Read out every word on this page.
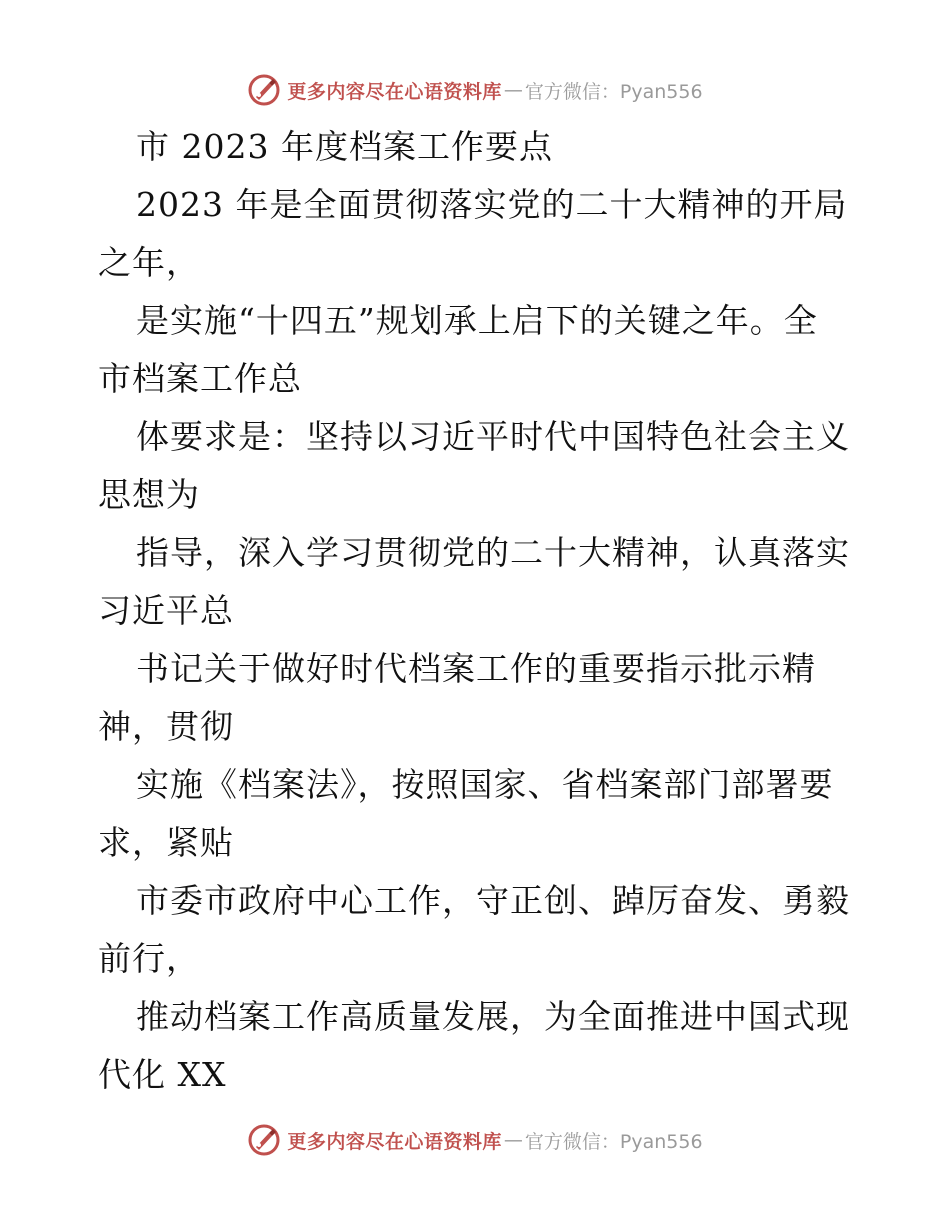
更多内容尽在心语资料库 — 官方微信：Pyan556
市 2023 年度档案工作要点
2023 年是全面贯彻落实党的二十大精神的开局
之年，
是实施“十四五”规划承上启下的关键之年。全
市档案工作总
体要求是：坚持以习近平时代中国特色社会主义
思想为
指导，深入学习贯彻党的二十大精神，认真落实
习近平总
书记关于做好时代档案工作的重要指示批示精
神，贯彻
实施《档案法》，按照国家、省档案部门部署要
求，紧贴
市委市政府中心工作，守正创、踔厉奋发、勇毅
前行，
推动档案工作高质量发展，为全面推进中国式现
代化 XX
更多内容尽在心语资料库 — 官方微信：Pyan556
